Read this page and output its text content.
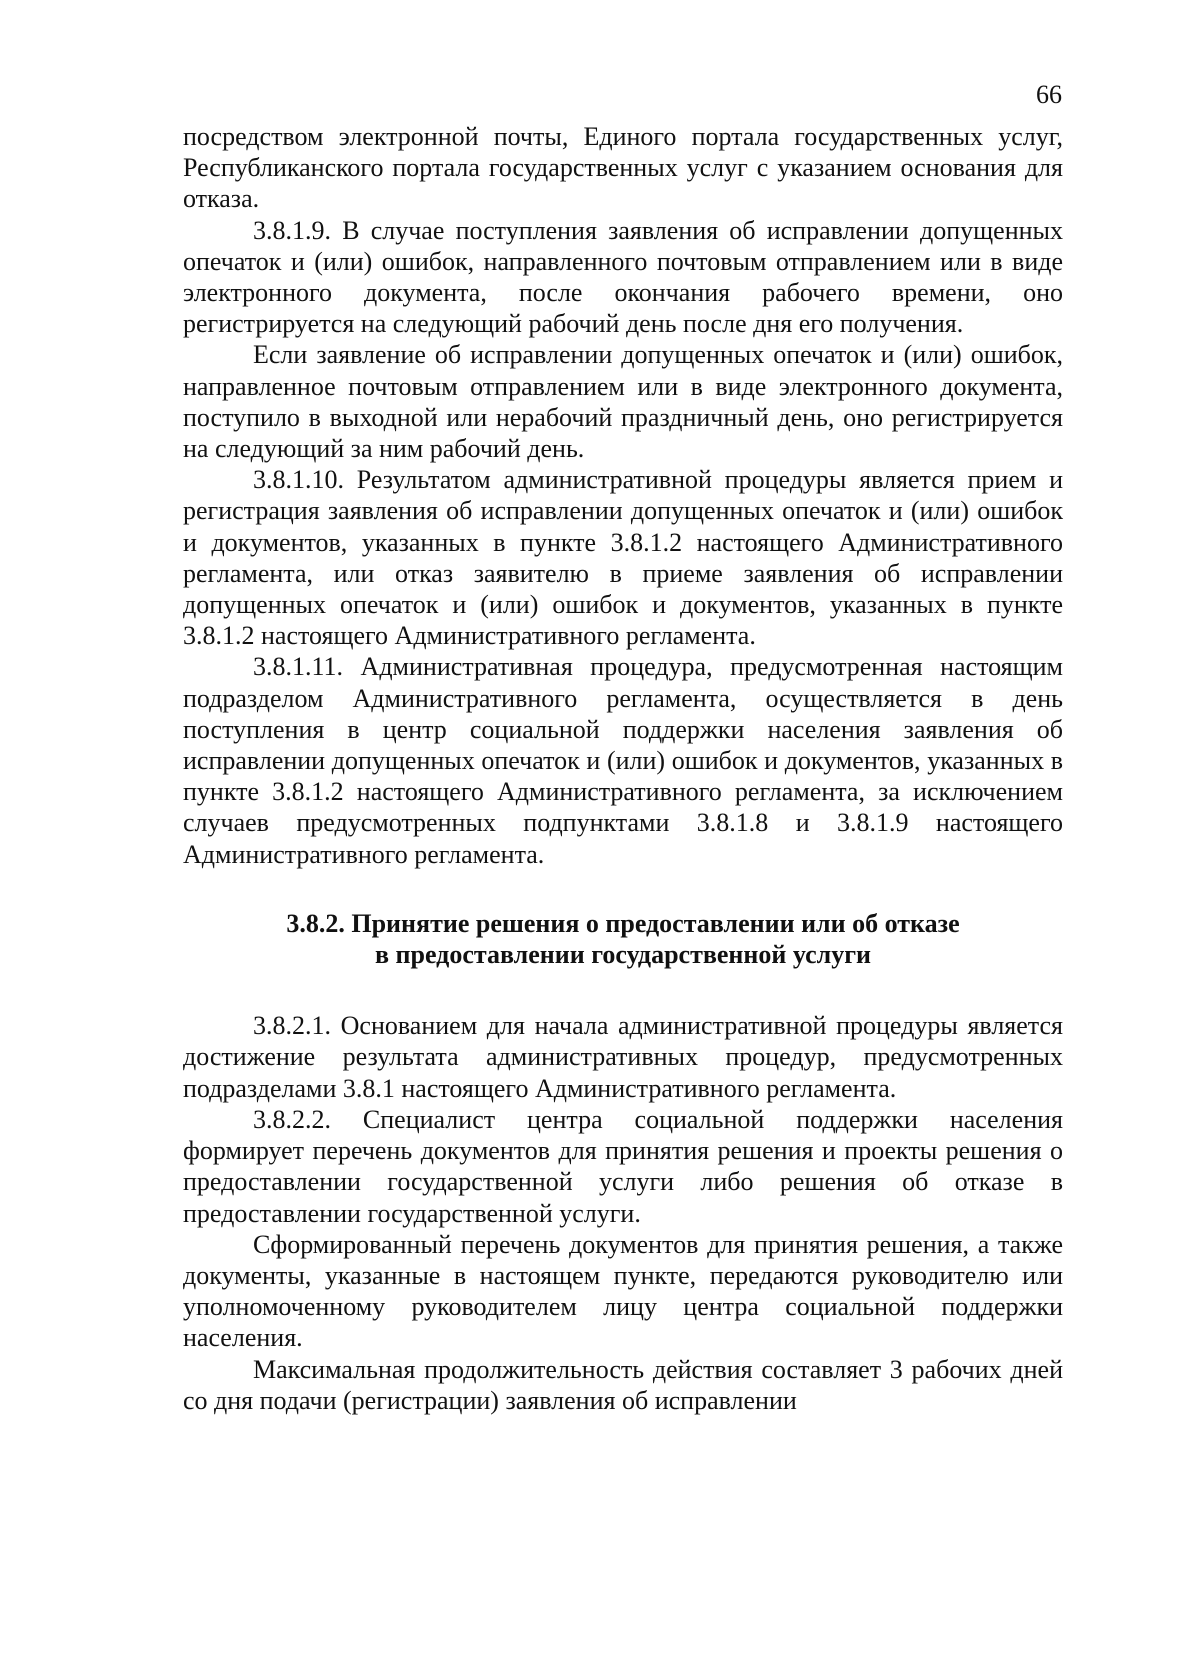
66

посредством электронной почты, Единого портала государственных услуг, Республиканского портала государственных услуг с указанием основания для отказа.

3.8.1.9. В случае поступления заявления об исправлении допущенных опечаток и (или) ошибок, направленного почтовым отправлением или в виде электронного документа, после окончания рабочего времени, оно регистрируется на следующий рабочий день после дня его получения.

Если заявление об исправлении допущенных опечаток и (или) ошибок, направленное почтовым отправлением или в виде электронного документа, поступило в выходной или нерабочий праздничный день, оно регистрируется на следующий за ним рабочий день.

3.8.1.10. Результатом административной процедуры является прием и регистрация заявления об исправлении допущенных опечаток и (или) ошибок и документов, указанных в пункте 3.8.1.2 настоящего Административного регламента, или отказ заявителю в приеме заявления об исправлении допущенных опечаток и (или) ошибок и документов, указанных в пункте 3.8.1.2 настоящего Административного регламента.

3.8.1.11. Административная процедура, предусмотренная настоящим подразделом Административного регламента, осуществляется в день поступления в центр социальной поддержки населения заявления об исправлении допущенных опечаток и (или) ошибок и документов, указанных в пункте 3.8.1.2 настоящего Административного регламента, за исключением случаев предусмотренных подпунктами 3.8.1.8 и 3.8.1.9 настоящего Административного регламента.

3.8.2. Принятие решения о предоставлении или об отказе
в предоставлении государственной услуги

3.8.2.1. Основанием для начала административной процедуры является достижение результата административных процедур, предусмотренных подразделами 3.8.1 настоящего Административного регламента.

3.8.2.2. Специалист центра социальной поддержки населения формирует перечень документов для принятия решения и проекты решения о предоставлении государственной услуги либо решения об отказе в предоставлении государственной услуги.

Сформированный перечень документов для принятия решения, а также документы, указанные в настоящем пункте, передаются руководителю или уполномоченному руководителем лицу центра социальной поддержки населения.

Максимальная продолжительность действия составляет 3 рабочих дней со дня подачи (регистрации) заявления об исправлении
